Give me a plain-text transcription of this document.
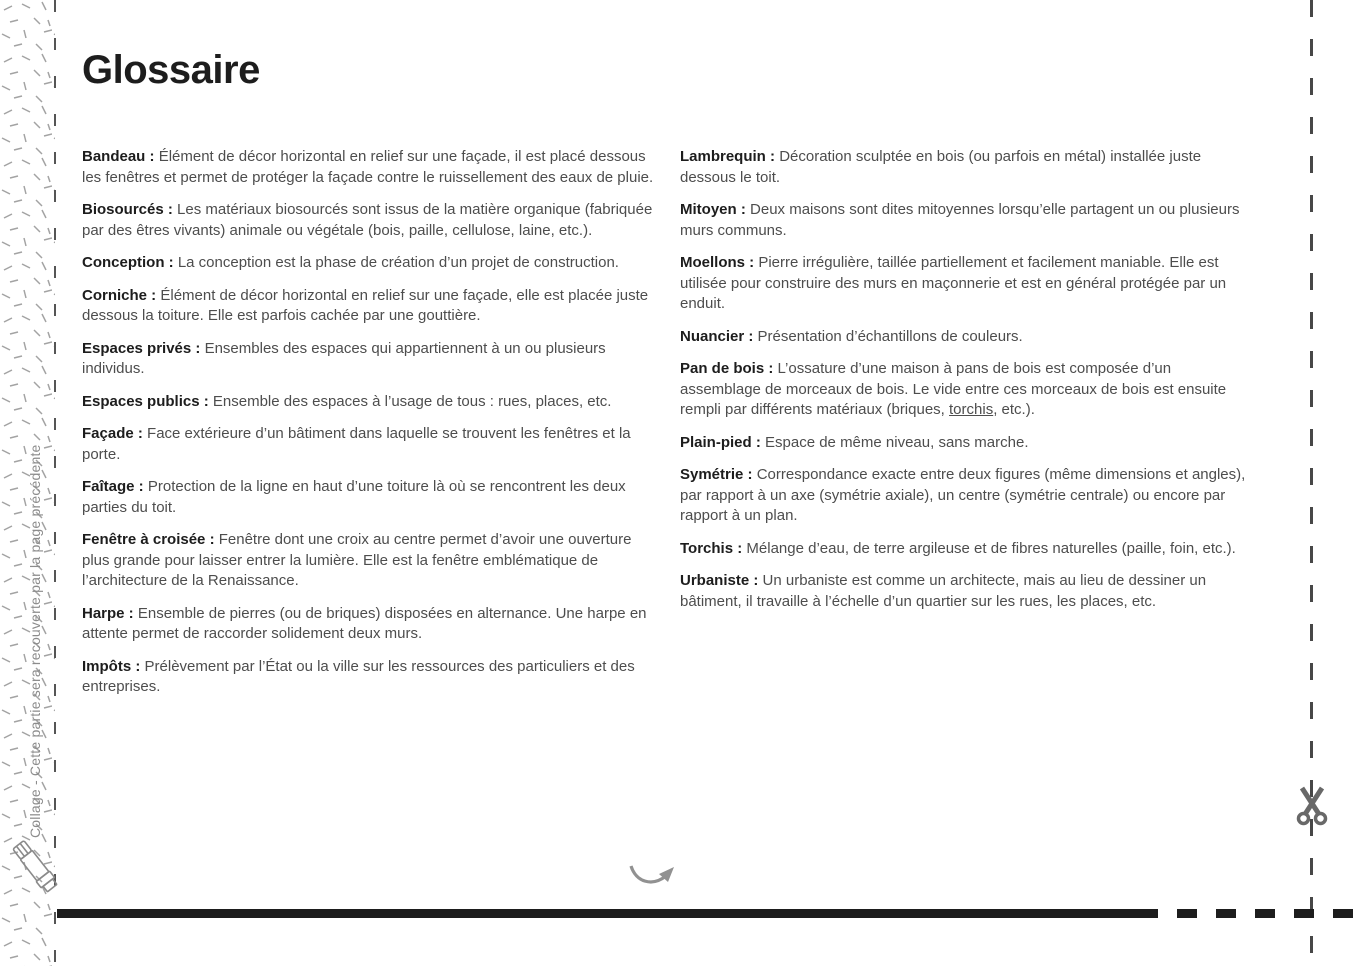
Collage - Cette partie sera recouverte par la page précédente
Glossaire

Bandeau : Élément de décor horizontal en relief sur une façade, il est placé dessous les fenêtres et permet de protéger la façade contre le ruissellement des eaux de pluie.

Biosourcés : Les matériaux biosourcés sont issus de la matière organique (fabriquée par des êtres vivants) animale ou végétale (bois, paille, cellulose, laine, etc.).

Conception : La conception est la phase de création d’un projet de construction.

Corniche : Élément de décor horizontal en relief sur une façade, elle est placée juste dessous la toiture. Elle est parfois cachée par une gouttière.

Espaces privés : Ensembles des espaces qui appartiennent à un ou plusieurs individus.

Espaces publics : Ensemble des espaces à l’usage de tous : rues, places, etc.

Façade : Face extérieure d’un bâtiment dans laquelle se trouvent les fenêtres et la porte.

Faîtage : Protection de la ligne en haut d’une toiture là où se rencontrent les deux parties du toit.

Fenêtre à croisée : Fenêtre dont une croix au centre permet d’avoir une ouverture plus grande pour laisser entrer la lumière. Elle est la fenêtre emblématique de l’architecture de la Renaissance.

Harpe : Ensemble de pierres (ou de briques) disposées en alternance. Une harpe en attente permet de raccorder solidement deux murs.

Impôts : Prélèvement par l’État ou la ville sur les ressources des particuliers et des entreprises.

Lambrequin : Décoration sculptée en bois (ou parfois en métal) installée juste dessous le toit.

Mitoyen : Deux maisons sont dites mitoyennes lorsqu’elle partagent un ou plusieurs murs communs.

Moellons : Pierre irrégulière, taillée partiellement et facilement maniable. Elle est utilisée pour construire des murs en maçonnerie et est en général protégée par un enduit.

Nuancier : Présentation d’échantillons de couleurs.

Pan de bois : L’ossature d’une maison à pans de bois est composée d’un assemblage de morceaux de bois. Le vide entre ces morceaux de bois est ensuite rempli par différents matériaux (briques, torchis, etc.).

Plain-pied : Espace de même niveau, sans marche.

Symétrie : Correspondance exacte entre deux figures (même dimensions et angles), par rapport à un axe (symétrie axiale), un centre (symétrie centrale) ou encore par rapport à un plan.

Torchis : Mélange d’eau, de terre argileuse et de fibres naturelles (paille, foin, etc.).

Urbaniste : Un urbaniste est comme un architecte, mais au lieu de dessiner un bâtiment, il travaille à l’échelle d’un quartier sur les rues, les places, etc.
